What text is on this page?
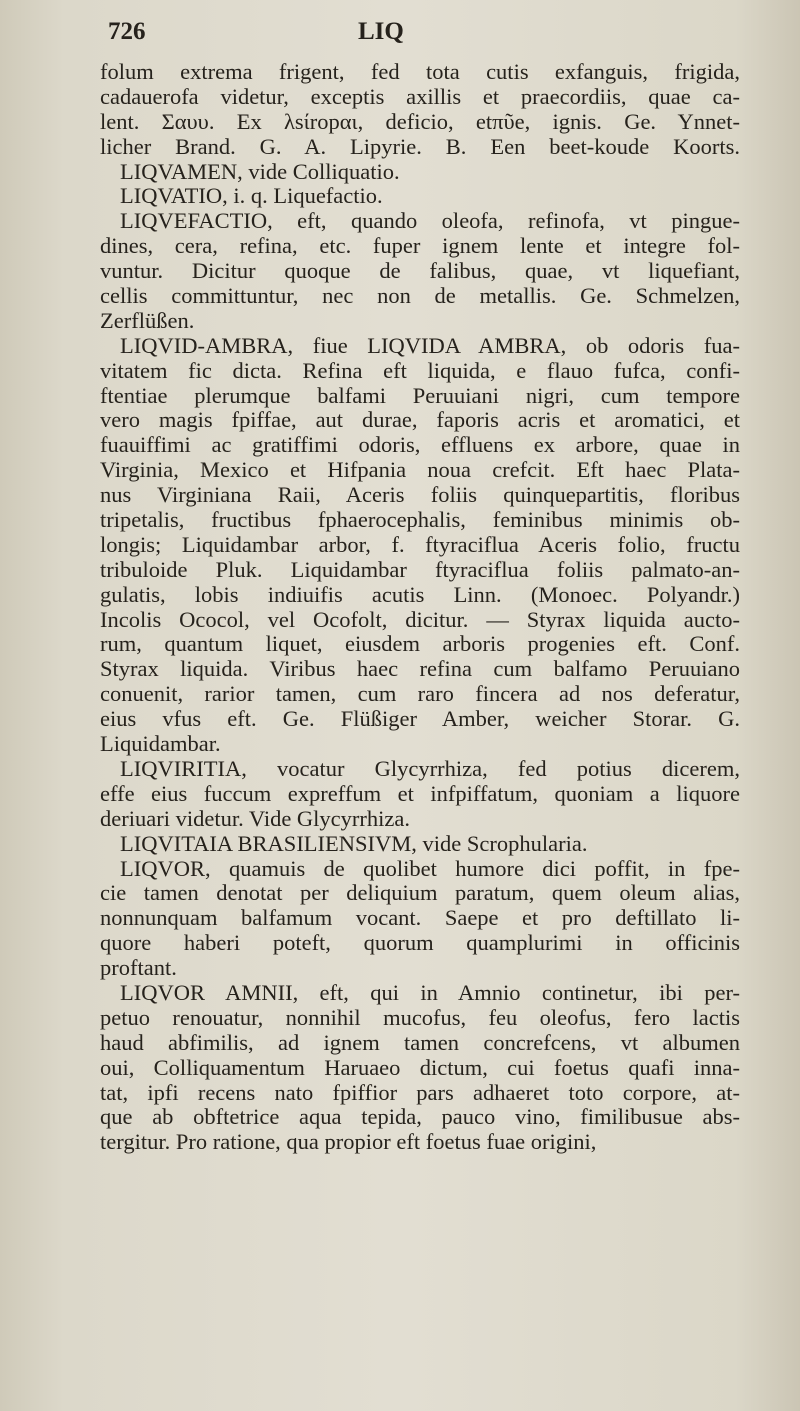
726	LIQ
folum extrema frigent, fed tota cutis exfanguis, frigida,
cadauerofa videtur, exceptis axillis et praecordiis, quae ca-
lent. Σαυυ. Ex λsίrοpαι, deficio, etπῦe, ignis. Ge. Ynnet-
licher Brand. G. A. Lipyrie. B. Een beet-koude Koorts.
LIQVAMEN, vide Colliquatio.
LIQVATIO, i. q. Liquefactio.
LIQVEFACTIO, eft, quando oleofa, refinofa, vt pingue-
dines, cera, refina, etc. fuper ignem lente et integre fol-
vuntur. Dicitur quoque de falibus, quae, vt liquefiant,
cellis committuntur, nec non de metallis. Ge. Schmelzen,
Zerflüßen.
LIQVID-AMBRA, fiue LIQVIDA AMBRA, ob odoris fua-
vitatem fic dicta. Refina eft liquida, e flauo fufca, confi-
ftentiae plerumque balfami Peruuiani nigri, cum tempore
vero magis fpiffae, aut durae, faporis acris et aromatici, et
fuauiffimi ac gratiffimi odoris, effluens ex arbore, quae in
Virginia, Mexico et Hifpania noua crefcit. Eft haec Plata-
nus Virginiana Raii, Aceris foliis quinquepartitis, floribus
tripetalis, fructibus fphaerocephalis, feminibus minimis ob-
longis; Liquidambar arbor, f. ftyraciflua Aceris folio, fructu
tribuloide Pluk. Liquidambar ftyraciflua foliis palmato-an-
gulatis, lobis indiuifis acutis Linn. (Monoec. Polyandr.)
Incolis Ococol, vel Ocofolt, dicitur. — Styrax liquida aucto-
rum, quantum liquet, eiusdem arboris progenies eft. Conf.
Styrax liquida. Viribus haec refina cum balfamo Peruuiano
conuenit, rarior tamen, cum raro fincera ad nos deferatur,
eius vfus eft. Ge. Flüßiger Amber, weicher Storar. G.
Liquidambar.
LIQVIRITIA, vocatur Glycyrrhiza, fed potius dicerem,
effe eius fuccum expreffum et infpiffatum, quoniam a liquore
deriuari videtur. Vide Glycyrrhiza.
LIQVITAIA BRASILIENSIVM, vide Scrophularia.
LIQVOR, quamuis de quolibet humore dici poffit, in fpe-
cie tamen denotat per deliquium paratum, quem oleum alias,
nonnunquam balfamum vocant. Saepe et pro deftillato li-
quore haberi poteft, quorum quamplurimi in officinis
proftant.
LIQVOR AMNII, eft, qui in Amnio continetur, ibi per-
petuo renouatur, nonnihil mucofus, feu oleofus, fero lactis
haud abfimilis, ad ignem tamen concrefcens, vt albumen
oui, Colliquamentum Haruaeo dictum, cui foetus quafi inna-
tat, ipfi recens nato fpiffior pars adhaeret toto corpore, at-
que ab obftetrice aqua tepida, pauco vino, fimilibusue abs-
tergitur. Pro ratione, qua propior eft foetus fuae origini,
